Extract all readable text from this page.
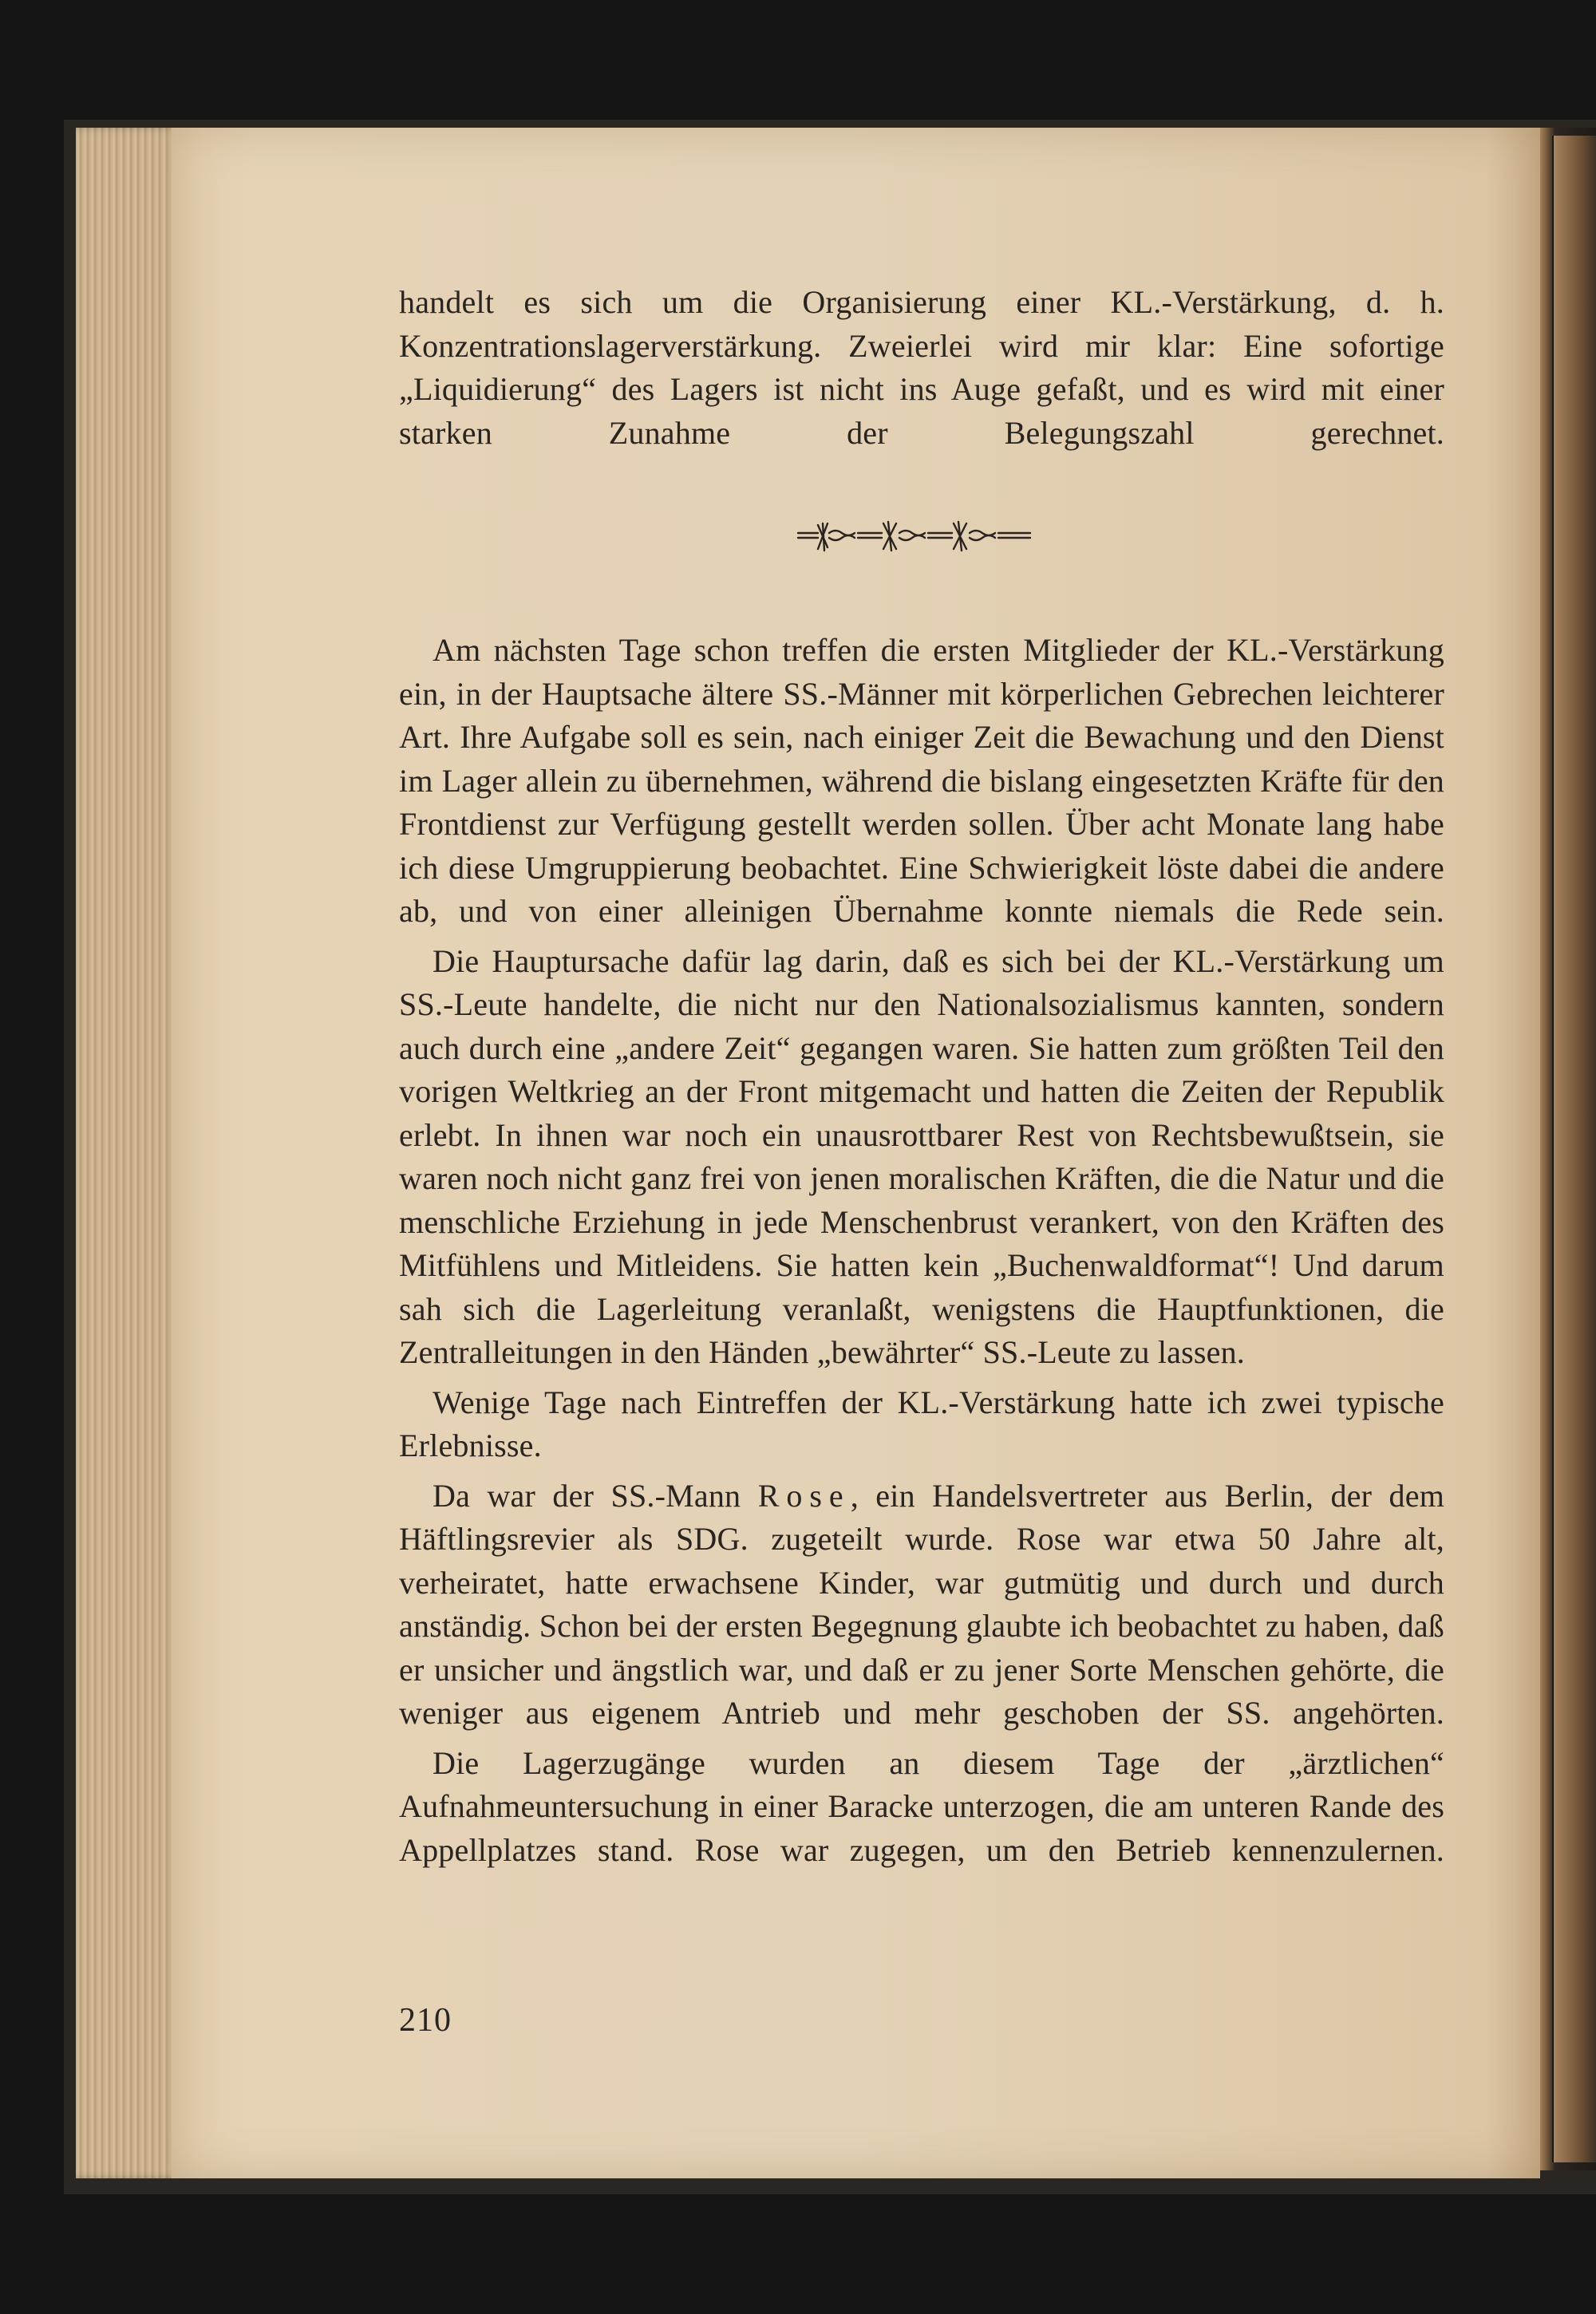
handelt es sich um die Organisierung einer KL.-Verstärkung, d. h. Konzentrationslagerverstärkung. Zweierlei wird mir klar: Eine sofortige „Liquidierung“ des Lagers ist nicht ins Auge gefaßt, und es wird mit einer starken Zunahme der Belegungszahl gerechnet.

Am nächsten Tage schon treffen die ersten Mitglieder der KL.-Verstärkung ein, in der Hauptsache ältere SS.-Männer mit körperlichen Gebrechen leichterer Art. Ihre Aufgabe soll es sein, nach einiger Zeit die Bewachung und den Dienst im Lager allein zu übernehmen, während die bislang eingesetzten Kräfte für den Frontdienst zur Verfügung gestellt werden sollen. Über acht Monate lang habe ich diese Umgruppierung beobachtet. Eine Schwierigkeit löste dabei die andere ab, und von einer alleinigen Übernahme konnte niemals die Rede sein.

Die Hauptursache dafür lag darin, daß es sich bei der KL.-Verstärkung um SS.-Leute handelte, die nicht nur den Nationalsozialismus kannten, sondern auch durch eine „andere Zeit“ gegangen waren. Sie hatten zum größten Teil den vorigen Weltkrieg an der Front mitgemacht und hatten die Zeiten der Republik erlebt. In ihnen war noch ein unausrottbarer Rest von Rechtsbewußtsein, sie waren noch nicht ganz frei von jenen moralischen Kräften, die die Natur und die menschliche Erziehung in jede Menschenbrust verankert, von den Kräften des Mitfühlens und Mitleidens. Sie hatten kein „Buchenwaldformat“! Und darum sah sich die Lagerleitung veranlaßt, wenigstens die Hauptfunktionen, die Zentralleitungen in den Händen „bewährter“ SS.-Leute zu lassen.

Wenige Tage nach Eintreffen der KL.-Verstärkung hatte ich zwei typische Erlebnisse.

Da war der SS.-Mann Rose, ein Handelsvertreter aus Berlin, der dem Häftlingsrevier als SDG. zugeteilt wurde. Rose war etwa 50 Jahre alt, verheiratet, hatte erwachsene Kinder, war gutmütig und durch und durch anständig. Schon bei der ersten Begegnung glaubte ich beobachtet zu haben, daß er unsicher und ängstlich war, und daß er zu jener Sorte Menschen gehörte, die weniger aus eigenem Antrieb und mehr geschoben der SS. angehörten.

Die Lagerzugänge wurden an diesem Tage der „ärztlichen“ Aufnahmeuntersuchung in einer Baracke unterzogen, die am unteren Rande des Appellplatzes stand. Rose war zugegen, um den Betrieb kennenzulernen.

210
